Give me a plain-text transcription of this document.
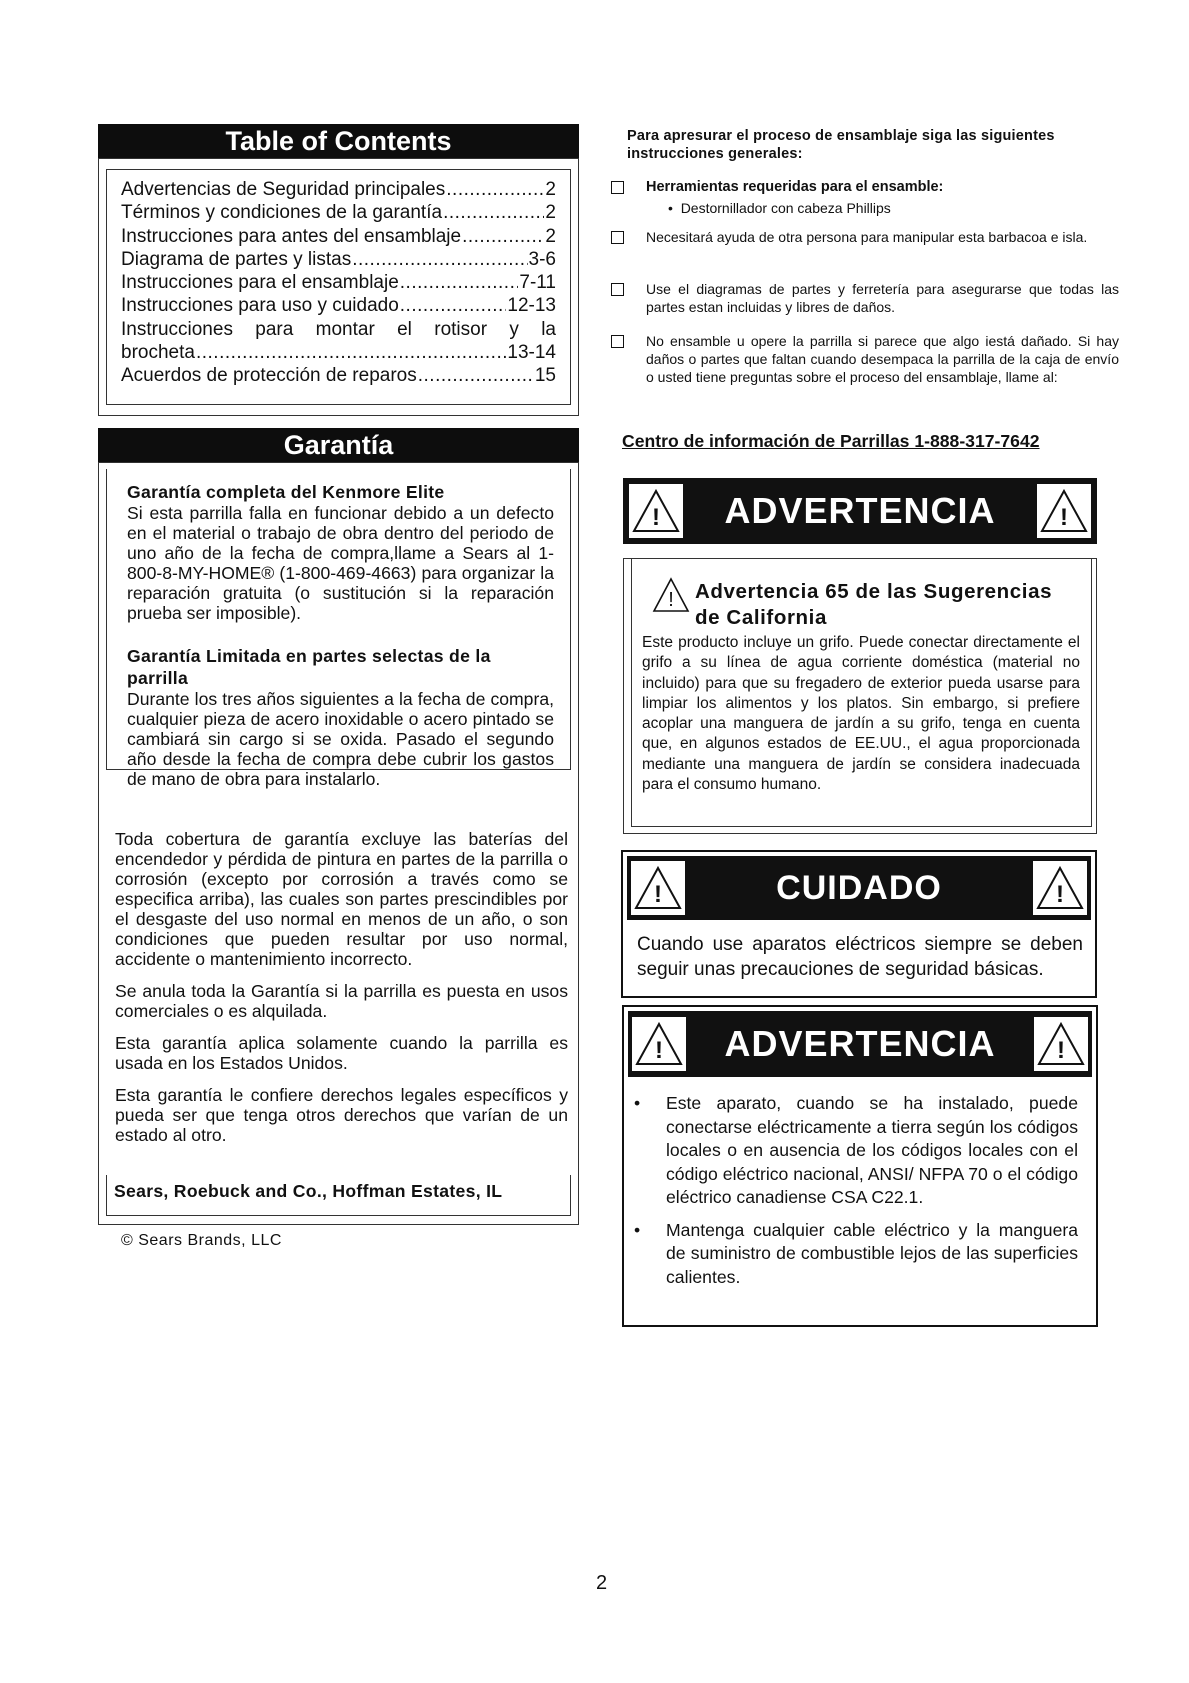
Table of Contents
Advertencias de Seguridad principales .....	2
Términos y condiciones de la garantía .....	2
Instrucciones para antes del ensamblaje .....	2
Diagrama de partes y listas .....	3-6
Instrucciones para el ensamblaje .....	7-11
Instrucciones para uso y cuidado .....	12-13
Instrucciones para montar el rotisor y la
brocheta .....	13-14
Acuerdos de protección de reparos .....	15
Garantía
Garantía completa del Kenmore Elite

Si esta parrilla falla en funcionar debido a un defecto en el material o trabajo de obra dentro del periodo de uno año de la fecha de compra,llame a Sears al 1-800-8-MY-HOME® (1-800-469-4663) para organizar la reparación gratuita (o sustitución si la reparación prueba ser imposible).

Garantía Limitada en partes selectas de la parrilla

Durante los tres años siguientes a la fecha de compra, cualquier pieza de acero inoxidable o acero pintado se cambiará sin cargo si se oxida. Pasado el segundo año desde la fecha de compra debe cubrir los gastos de mano de obra para instalarlo.

Toda cobertura de garantía excluye las baterías del encendedor y pérdida de pintura en partes de la parrilla o corrosión (excepto por corrosión a través como se especifica arriba), las cuales son partes prescindibles por el desgaste del uso normal en menos de un año, o son condiciones que pueden resultar por uso normal, accidente o mantenimiento incorrecto.

Se anula toda la Garantía si la parrilla es puesta en usos comerciales o es alquilada.

Esta garantía aplica solamente cuando la parrilla es usada en los Estados Unidos.

Esta garantía le confiere derechos legales específicos y pueda ser que tenga otros derechos que varían de un estado al otro.

Sears, Roebuck and Co., Hoffman Estates, IL
© Sears Brands, LLC
Para apresurar el proceso de ensamblaje siga las siguientes instrucciones generales:
Herramientas requeridas para el ensamble:
•  Destornillador con cabeza Phillips
Necesitará ayuda de otra persona para manipular esta barbacoa e isla.
Use el diagramas de partes y ferretería para asegurarse que todas las partes estan incluidas y libres de daños.
No ensamble u opere la parrilla si parece que algo iestá dañado. Si hay daños o partes que faltan cuando desempaca la parrilla de la caja de envío o usted tiene preguntas sobre el proceso del ensamblaje, llame al:
Centro de información de Parrillas 1-888-317-7642
!	ADVERTENCIA	!
! Advertencia 65 de las Sugerencias de California
Este producto incluye un grifo. Puede conectar directamente el grifo a su línea de agua corriente doméstica (material no incluido) para que su fregadero de exterior pueda usarse para limpiar los alimentos y los platos. Sin embargo, si prefiere acoplar una manguera de jardín a su grifo, tenga en cuenta que, en algunos estados de EE.UU., el agua proporcionada mediante una manguera de jardín se considera inadecuada para el consumo humano.
!	CUIDADO	!
Cuando use aparatos eléctricos siempre se deben seguir unas precauciones de seguridad básicas.
!	ADVERTENCIA	!
•	Este aparato, cuando se ha instalado, puede conectarse eléctricamente a tierra según los códigos locales o en ausencia de los códigos locales con el código eléctrico nacional, ANSI/ NFPA 70 o el código eléctrico canadiense CSA C22.1.
•	Mantenga cualquier cable eléctrico y la manguera de suministro de combustible lejos de las superficies calientes.
2
